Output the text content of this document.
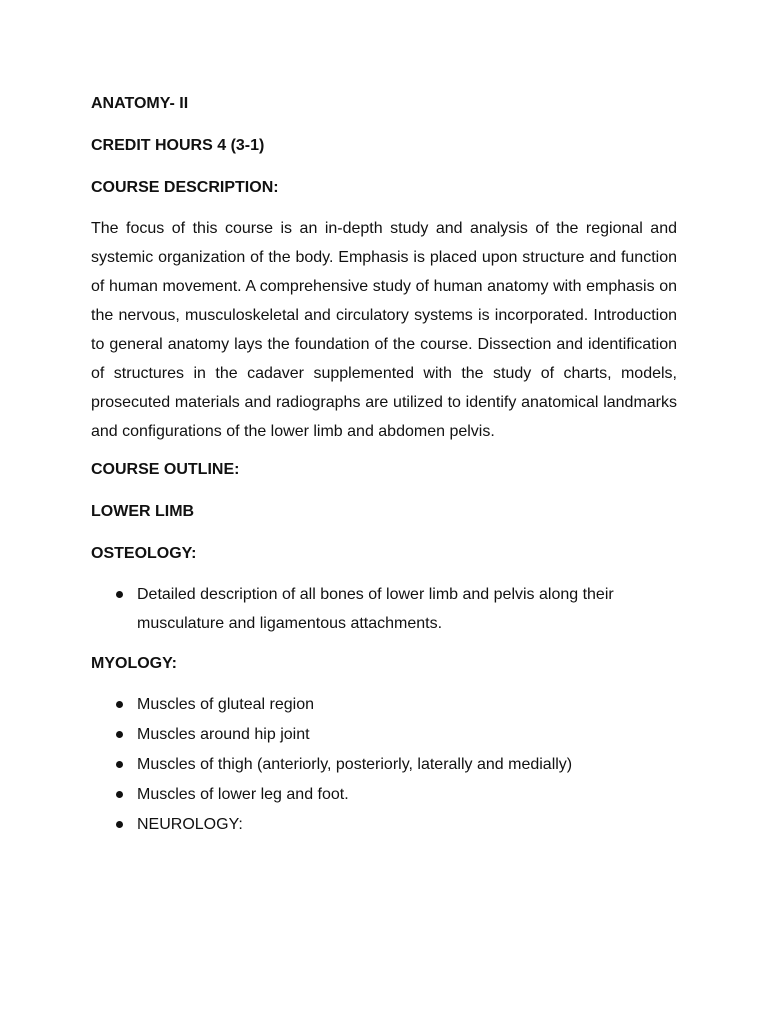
ANATOMY- II
CREDIT HOURS 4 (3-1)
COURSE DESCRIPTION:
The focus of this course is an in-depth study and analysis of the regional and systemic organization of the body. Emphasis is placed upon structure and function of human movement. A comprehensive study of human anatomy with emphasis on the nervous, musculoskeletal and circulatory systems is incorporated. Introduction to general anatomy lays the foundation of the course. Dissection and identification of structures in the cadaver supplemented with the study of charts, models, prosecuted materials and radiographs are utilized to identify anatomical landmarks and configurations of the lower limb and abdomen pelvis.
COURSE OUTLINE:
LOWER LIMB
OSTEOLOGY:
Detailed description of all bones of lower limb and pelvis along their musculature and ligamentous attachments.
MYOLOGY:
Muscles of gluteal region
Muscles around hip joint
Muscles of thigh (anteriorly, posteriorly, laterally and medially)
Muscles of lower leg and foot.
NEUROLOGY:
